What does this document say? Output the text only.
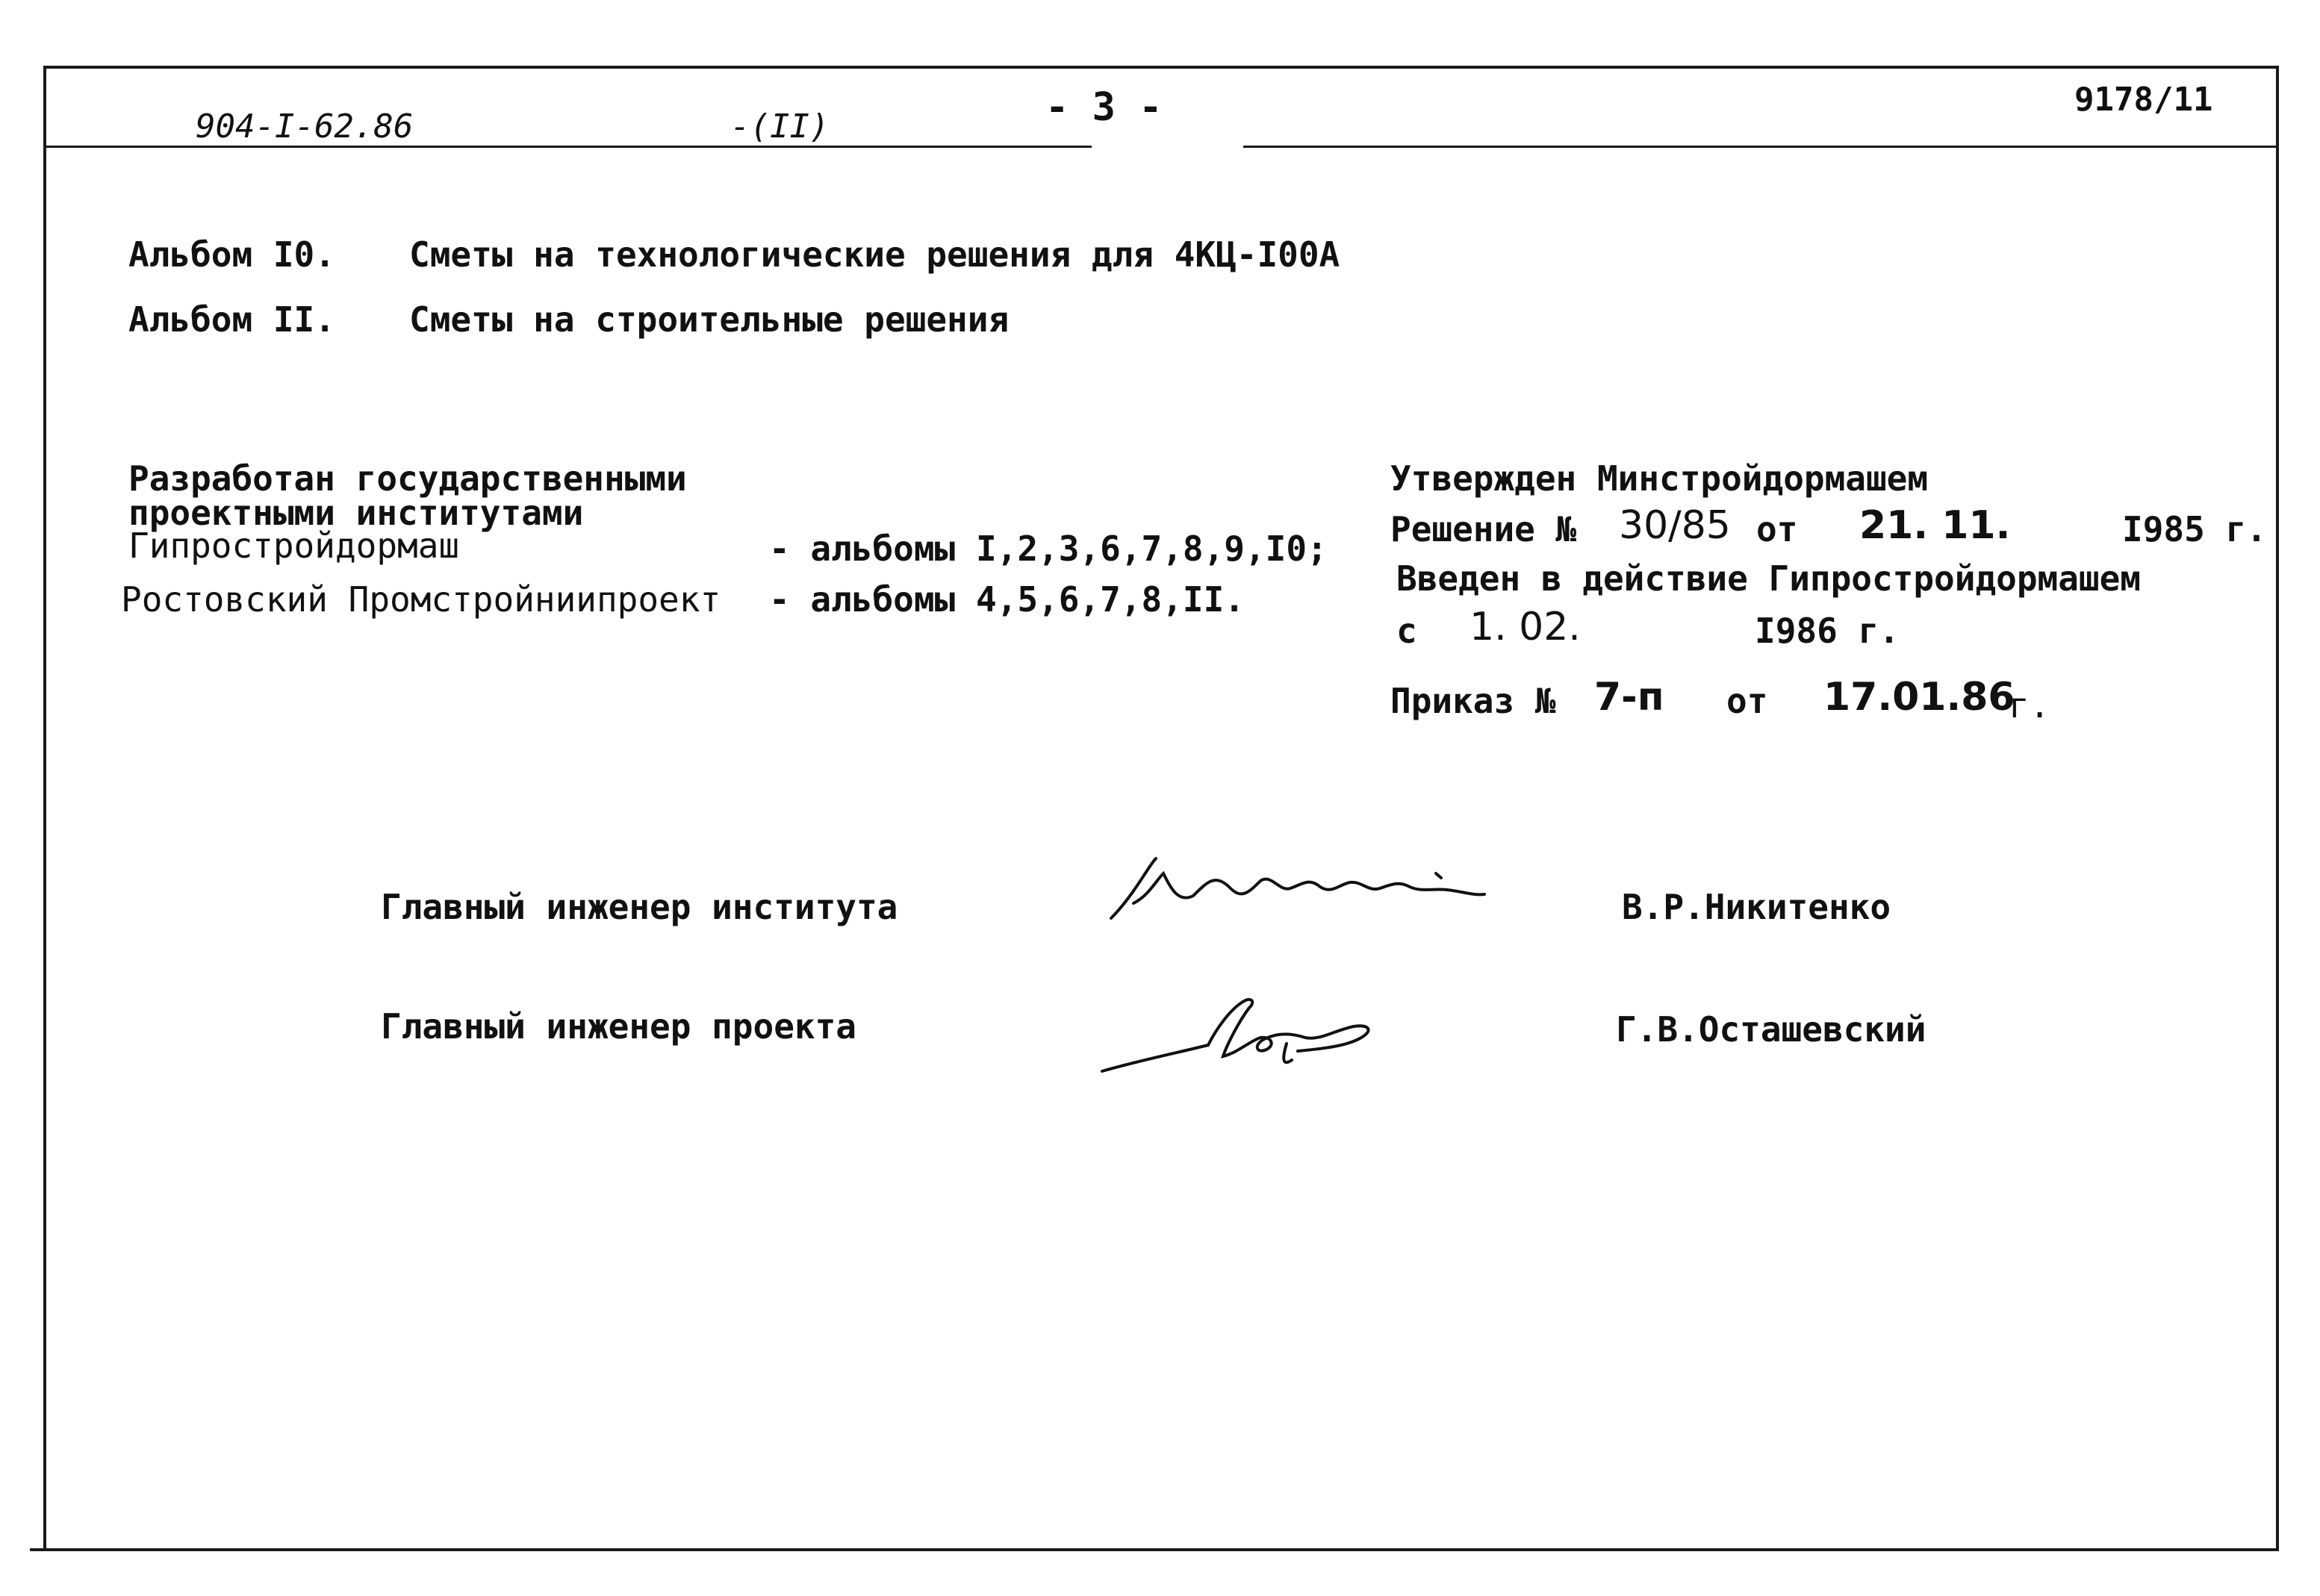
904-I-62.86	-(II)	- 3 -	9178/11
Альбом I0. Сметы на технологические решения для 4КЦ-I00А
Альбом II. Сметы на строительные решения
Разработан государственными
проектными институтами
Гипростройдормаш	- альбомы I,2,3,6,7,8,9,I0;
Ростовский Промстройниипроект - альбомы 4,5,6,7,8,II.
Утвержден Минстройдормашем
Решение № 30/85 от 21. 11.	I985 г.
Введен в действие Гипростройдормашем
с 1. 02.	I986 г.
Приказ № 7-п от 17.01.86
г.
Главный инженер института	В.Р.Никитенко
Главный инженер проекта	Г.В.Осташевский
